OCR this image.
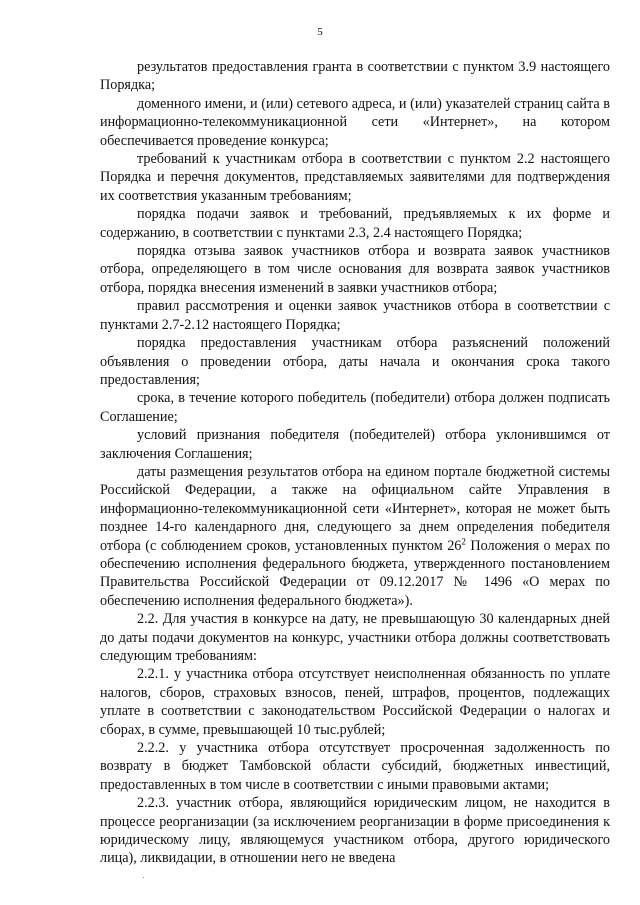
5

результатов предоставления гранта в соответствии с пунктом 3.9 настоящего Порядка;

доменного имени, и (или) сетевого адреса, и (или) указателей страниц сайта в информационно-телекоммуникационной сети «Интернет», на котором обеспечивается проведение конкурса;

требований к участникам отбора в соответствии с пунктом 2.2 настоящего Порядка и перечня документов, представляемых заявителями для подтверждения их соответствия указанным требованиям;

порядка подачи заявок и требований, предъявляемых к их форме и содержанию, в соответствии с пунктами 2.3, 2.4 настоящего Порядка;

порядка отзыва заявок участников отбора и возврата заявок участников отбора, определяющего в том числе основания для возврата заявок участников отбора, порядка внесения изменений в заявки участников отбора;

правил рассмотрения и оценки заявок участников отбора в соответствии с пунктами 2.7-2.12 настоящего Порядка;

порядка предоставления участникам отбора разъяснений положений объявления о проведении отбора, даты начала и окончания срока такого предоставления;

срока, в течение которого победитель (победители) отбора должен подписать Соглашение;

условий признания победителя (победителей) отбора уклонившимся от заключения Соглашения;

даты размещения результатов отбора на едином портале бюджетной системы Российской Федерации, а также на официальном сайте Управления в информационно-телекоммуникационной сети «Интернет», которая не может быть позднее 14-го календарного дня, следующего за днем определения победителя отбора (с соблюдением сроков, установленных пунктом $26^2$ Положения о мерах по обеспечению исполнения федерального бюджета, утвержденного постановлением Правительства Российской Федерации от 09.12.2017 № 1496 «О мерах по обеспечению исполнения федерального бюджета»).

2.2. Для участия в конкурсе на дату, не превышающую 30 календарных дней до даты подачи документов на конкурс, участники отбора должны соответствовать следующим требованиям:

2.2.1. у участника отбора отсутствует неисполненная обязанность по уплате налогов, сборов, страховых взносов, пеней, штрафов, процентов, подлежащих уплате в соответствии с законодательством Российской Федерации о налогах и сборах, в сумме, превышающей 10 тыс.рублей;

2.2.2. у участника отбора отсутствует просроченная задолженность по возврату в бюджет Тамбовской области субсидий, бюджетных инвестиций, предоставленных в том числе в соответствии с иными правовыми актами;

2.2.3. участник отбора, являющийся юридическим лицом, не находится в процессе реорганизации (за исключением реорганизации в форме присоединения к юридическому лицу, являющемуся участником отбора, другого юридического лица), ликвидации, в отношении него не введена
